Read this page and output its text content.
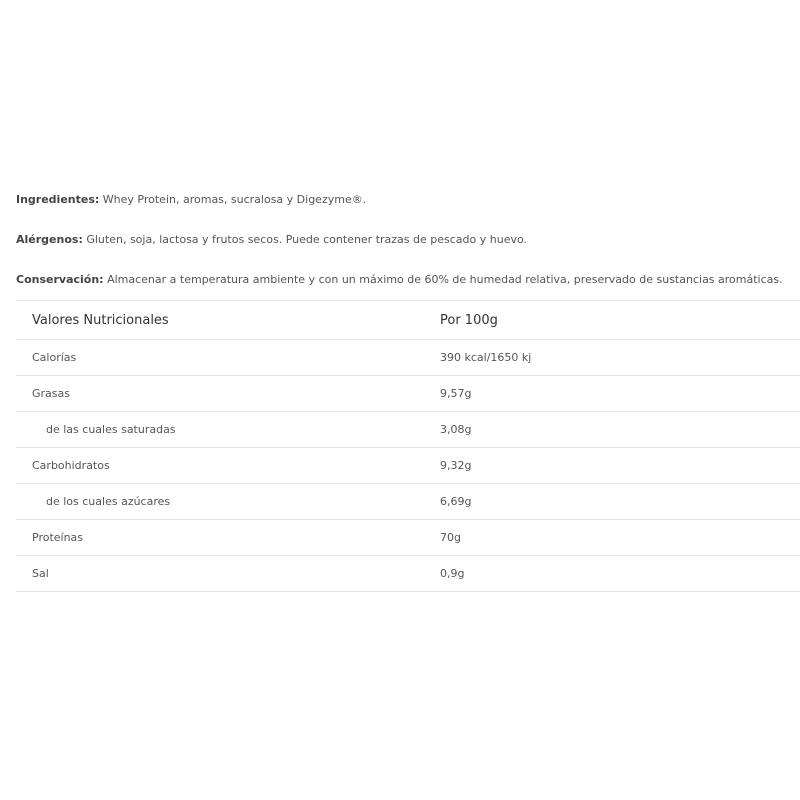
Ingredientes: Whey Protein, aromas, sucralosa y Digezyme®.
Alérgenos: Gluten, soja, lactosa y frutos secos. Puede contener trazas de pescado y huevo.
Conservación: Almacenar a temperatura ambiente y con un máximo de 60% de humedad relativa, preservado de sustancias aromáticas.
Valores Nutricionales	Por 100g
Calorías	390 kcal/1650 kj
Grasas	9,57g
de las cuales saturadas	3,08g
Carbohidratos	9,32g
de los cuales azúcares	6,69g
Proteínas	70g
Sal	0,9g
